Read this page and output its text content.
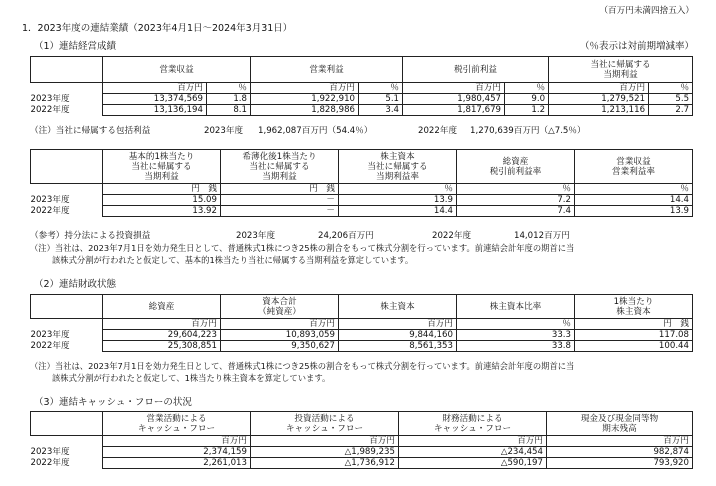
（百万円未満四捨五入）
1．2023年度の連結業績（2023年4月1日～2024年3月31日）
（1）連結経営成績	（％表示は対前期増減率）
	営業収益		営業利益		税引前利益		当社に帰属する
当期利益	
	百万円	％	百万円	％	百万円	％	百万円	％
2023年度	13,374,569	1.8	1,922,910	5.1	1,980,457	9.0	1,279,521	5.5
2022年度	13,136,194	8.1	1,828,986	3.4	1,817,679	1.2	1,213,116	2.7
（注）当社に帰属する包括利益	2023年度 1,962,087百万円（54.4％）	2022年度 1,270,639百万円（△7.5％）
	基本的1株当たり
当社に帰属する
当期利益	希薄化後1株当たり
当社に帰属する
当期利益	株主資本
当社に帰属する
当期利益率	総資産
税引前利益率	営業収益
営業利益率
	円　銭	円　銭	％	％	％
2023年度	15.09	－	13.9	7.2	14.4
2022年度	13.92	－	14.4	7.4	13.9
（参考）持分法による投資損益	2023年度	24,206百万円	2022年度	14,012百万円
（注）当社は、2023年7月1日を効力発生日として、普通株式1株につき25株の割合をもって株式分割を行っています。前連結会計年度の期首に当
該株式分割が行われたと仮定して、基本的1株当たり当社に帰属する当期利益を算定しています。
（2）連結財政状態
	総資産	資本合計
（純資産）	株主資本	株主資本比率	1株当たり
株主資本
	百万円	百万円	百万円	％	円　銭
2023年度	29,604,223	10,893,059	9,844,160	33.3	117.08
2022年度	25,308,851	9,350,627	8,561,353	33.8	100.44
（注）当社は、2023年7月1日を効力発生日として、普通株式1株につき25株の割合をもって株式分割を行っています。前連結会計年度の期首に当
該株式分割が行われたと仮定して、1株当たり株主資本を算定しています。
（3）連結キャッシュ・フローの状況
	営業活動による
キャッシュ・フロー	投資活動による
キャッシュ・フロー	財務活動による
キャッシュ・フロー	現金及び現金同等物
期末残高
	百万円	百万円	百万円	百万円
2023年度	2,374,159	△1,989,235	△234,454	982,874
2022年度	2,261,013	△1,736,912	△590,197	793,920
